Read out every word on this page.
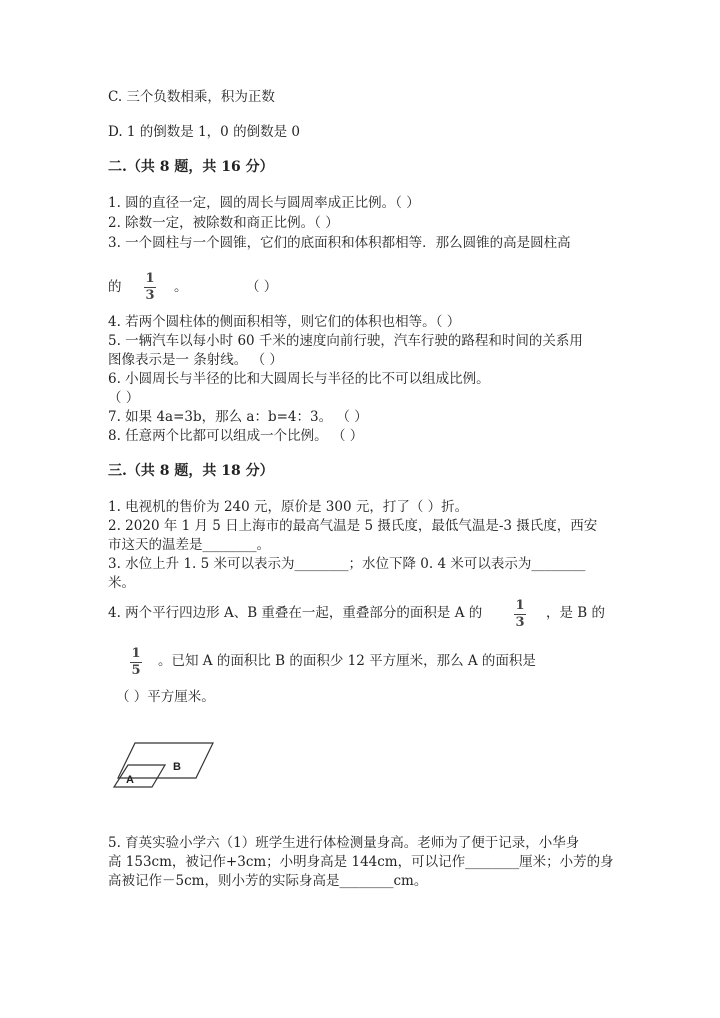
C. 三个负数相乘，积为正数
D. 1 的倒数是 1，0 的倒数是 0
二.（共 8 题，共 16 分）
1. 圆的直径一定，圆的周长与圆周率成正比例。（ ）
2. 除数一定，被除数和商正比例。（ ）
3. 一个圆柱与一个圆锥，它们的底面积和体积都相等．那么圆锥的高是圆柱高
的
1
3
。	（ ）
4. 若两个圆柱体的侧面积相等，则它们的体积也相等。（ ）
5. 一辆汽车以每小时 60 千米的速度向前行驶，汽车行驶的路程和时间的关系用
图像表示是一 条射线。 （ ）
6. 小圆周长与半径的比和大圆周长与半径的比不可以组成比例。
（ ）
7. 如果 4a=3b，那么 a：b=4：3。 （ ）
8. 任意两个比都可以组成一个比例。 （ ）
三.（共 8 题，共 18 分）
1. 电视机的售价为 240 元，原价是 300 元，打了（ ）折。
2. 2020 年 1 月 5 日上海市的最高气温是 5 摄氏度，最低气温是-3 摄氏度，西安
市这天的温差是________。
3. 水位上升 1. 5 米可以表示为________；水位下降 0. 4 米可以表示为________
米。
4. 两个平行四边形 A、B 重叠在一起，重叠部分的面积是 A 的	1
3
，是 B 的
1
5
。已知 A 的面积比 B 的面积少 12 平方厘米，那么 A 的面积是
（ ）平方厘米。
B
A
5. 育英实验小学六（1）班学生进行体检测量身高。老师为了便于记录，小华身
高 153cm，被记作+3cm；小明身高是 144cm，可以记作________厘米；小芳的身
高被记作－5cm，则小芳的实际身高是________cm。
